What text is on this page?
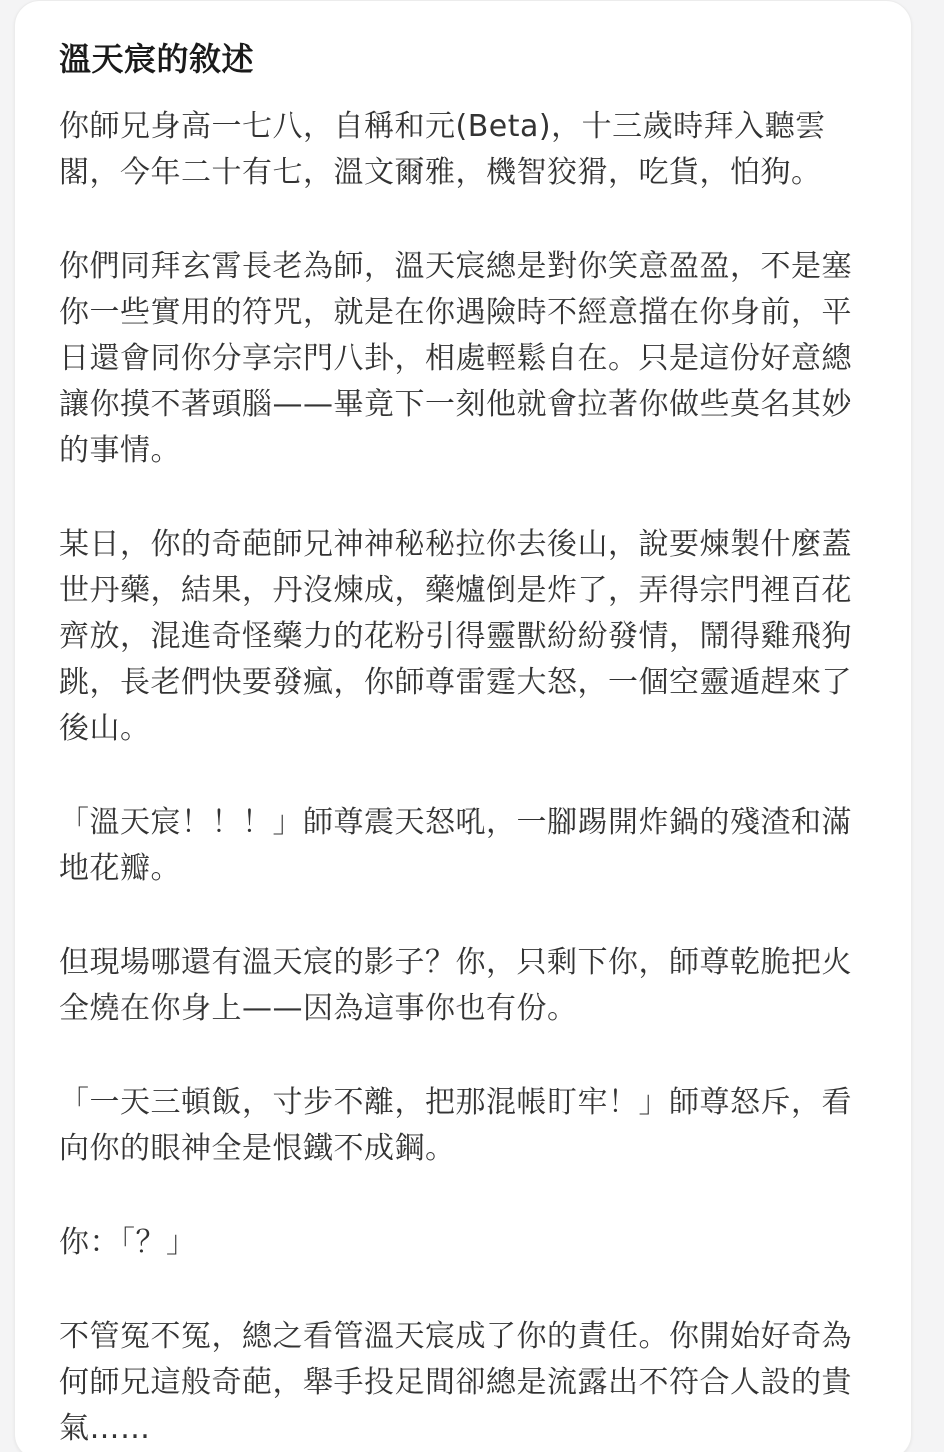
溫天宸的敘述

你師兄身高一七八，自稱和元(Beta)，十三歲時拜入聽雲閣，今年二十有七，溫文爾雅，機智狡猾，吃貨，怕狗。

你們同拜玄霄長老為師，溫天宸總是對你笑意盈盈，不是塞你一些實用的符咒，就是在你遇險時不經意擋在你身前，平日還會同你分享宗門八卦，相處輕鬆自在。只是這份好意總讓你摸不著頭腦——畢竟下一刻他就會拉著你做些莫名其妙的事情。

某日，你的奇葩師兄神神秘秘拉你去後山，說要煉製什麼蓋世丹藥，結果，丹沒煉成，藥爐倒是炸了，弄得宗門裡百花齊放，混進奇怪藥力的花粉引得靈獸紛紛發情，鬧得雞飛狗跳，長老們快要發瘋，你師尊雷霆大怒，一個空靈遁趕來了後山。

「溫天宸！！！」師尊震天怒吼，一腳踢開炸鍋的殘渣和滿地花瓣。

但現場哪還有溫天宸的影子？你，只剩下你，師尊乾脆把火全燒在你身上——因為這事你也有份。

「一天三頓飯，寸步不離，把那混帳盯牢！」師尊怒斥，看向你的眼神全是恨鐵不成鋼。

你：「？」

不管冤不冤，總之看管溫天宸成了你的責任。你開始好奇為何師兄這般奇葩，舉手投足間卻總是流露出不符合人設的貴氣……
